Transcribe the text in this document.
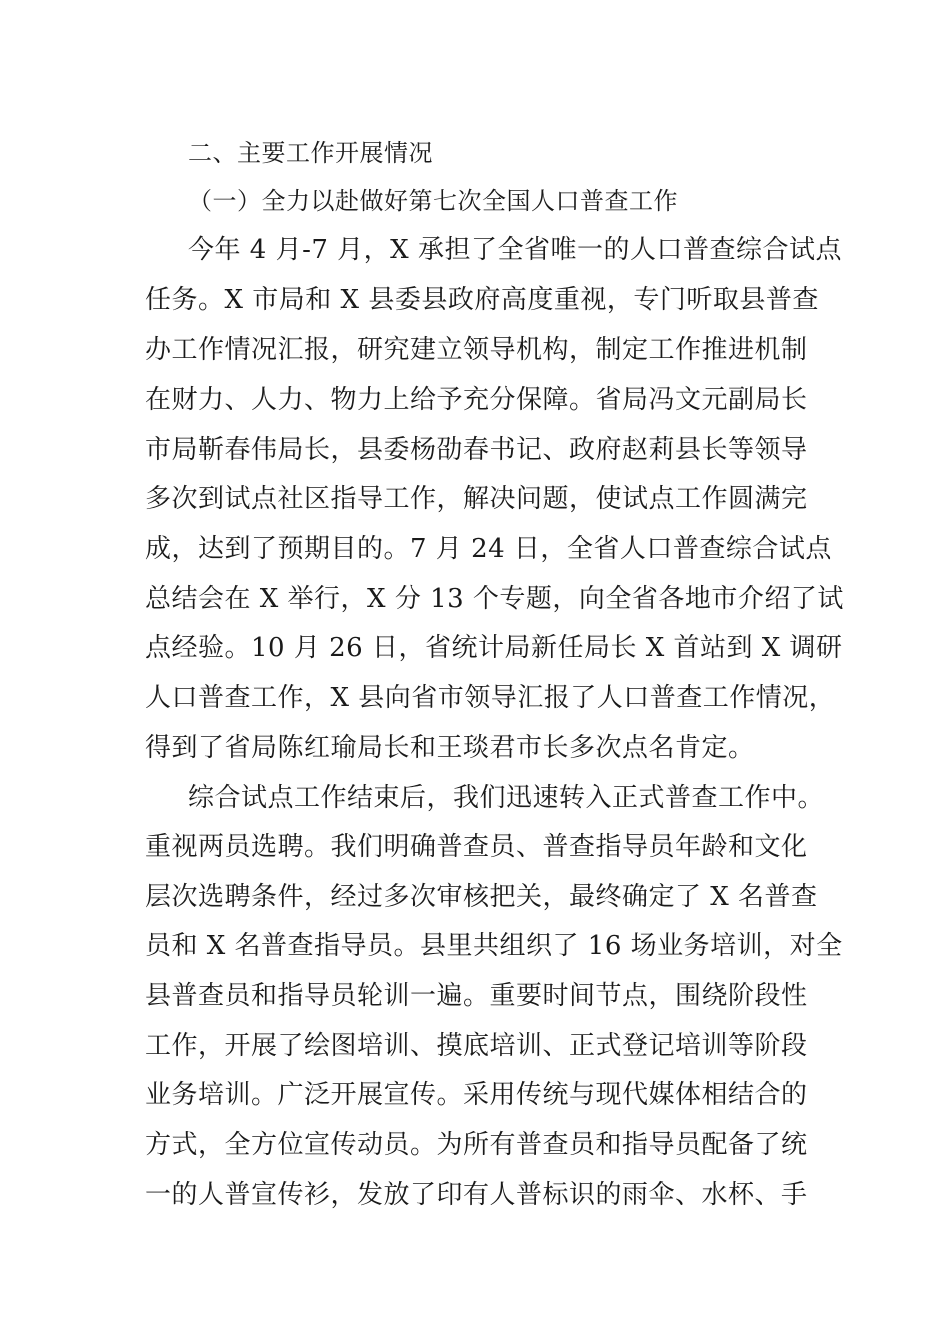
二、主要工作开展情况
（一）全力以赴做好第七次全国人口普查工作
今年 4 月-7 月，X 承担了全省唯一的人口普查综合试点
任务。X 市局和 X 县委县政府高度重视，专门听取县普查
办工作情况汇报，研究建立领导机构，制定工作推进机制
在财力、人力、物力上给予充分保障。省局冯文元副局长
市局靳春伟局长，县委杨劭春书记、政府赵莉县长等领导
多次到试点社区指导工作，解决问题，使试点工作圆满完
成，达到了预期目的。7 月 24 日，全省人口普查综合试点
总结会在 X 举行，X 分 13 个专题，向全省各地市介绍了试
点经验。10 月 26 日，省统计局新任局长 X 首站到 X 调研
人口普查工作，X 县向省市领导汇报了人口普查工作情况，
得到了省局陈红瑜局长和王琰君市长多次点名肯定。
综合试点工作结束后，我们迅速转入正式普查工作中。
重视两员选聘。我们明确普查员、普查指导员年龄和文化
层次选聘条件，经过多次审核把关，最终确定了 X 名普查
员和 X 名普查指导员。县里共组织了 16 场业务培训，对全
县普查员和指导员轮训一遍。重要时间节点，围绕阶段性
工作，开展了绘图培训、摸底培训、正式登记培训等阶段
业务培训。广泛开展宣传。采用传统与现代媒体相结合的
方式，全方位宣传动员。为所有普查员和指导员配备了统
一的人普宣传衫，发放了印有人普标识的雨伞、水杯、手
